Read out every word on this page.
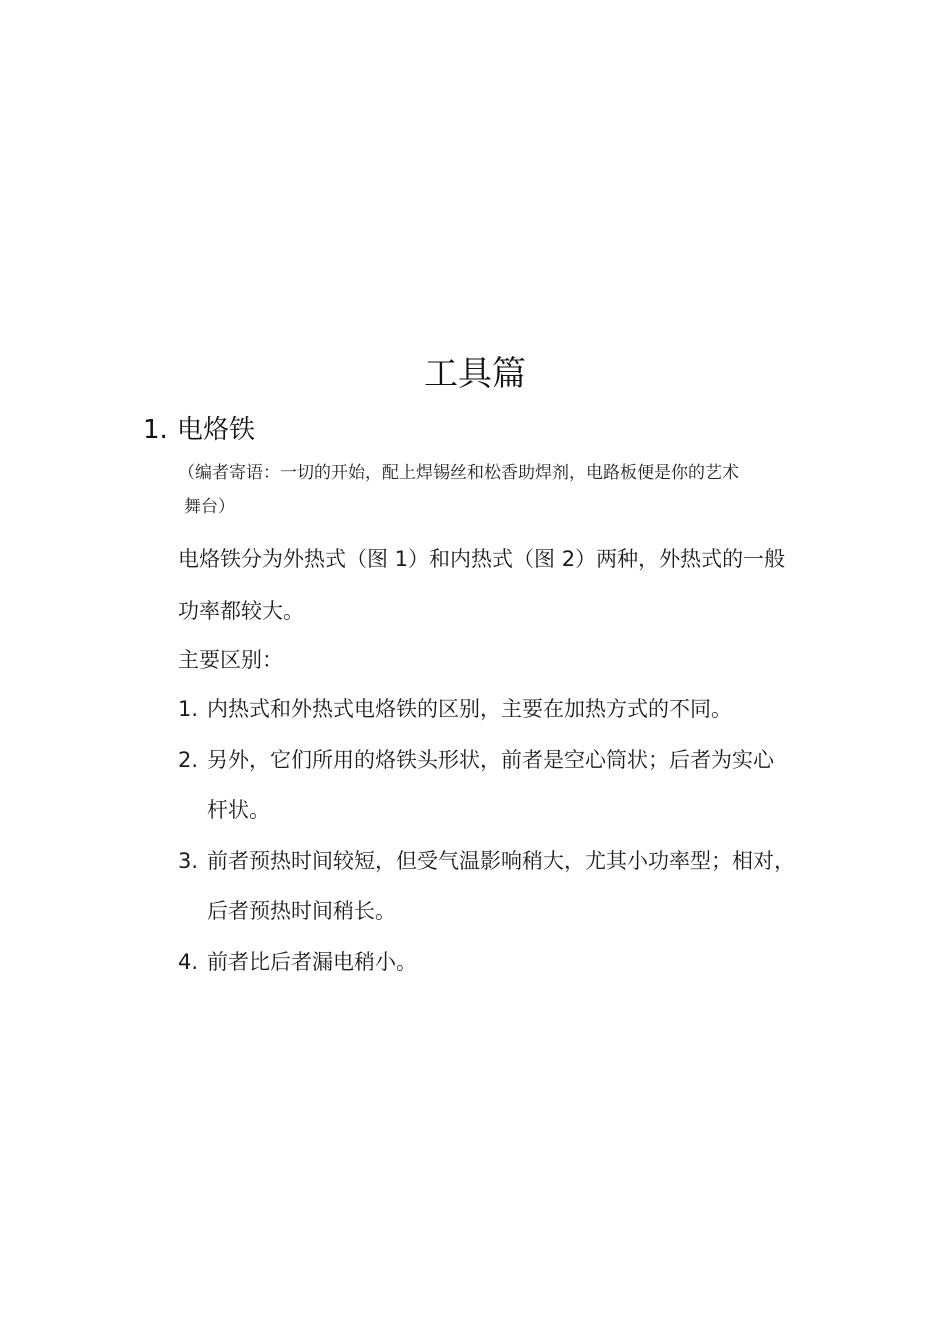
工具篇
1. 电烙铁
（编者寄语：一切的开始，配上焊锡丝和松香助焊剂，电路板便是你的艺术
舞台）
电烙铁分为外热式（图 1）和内热式（图 2）两种，外热式的一般
功率都较大。
主要区别：
1. 内热式和外热式电烙铁的区别，主要在加热方式的不同。
2. 另外，它们所用的烙铁头形状，前者是空心筒状；后者为实心
杆状。
3. 前者预热时间较短，但受气温影响稍大，尤其小功率型；相对，
后者预热时间稍长。
4. 前者比后者漏电稍小。
